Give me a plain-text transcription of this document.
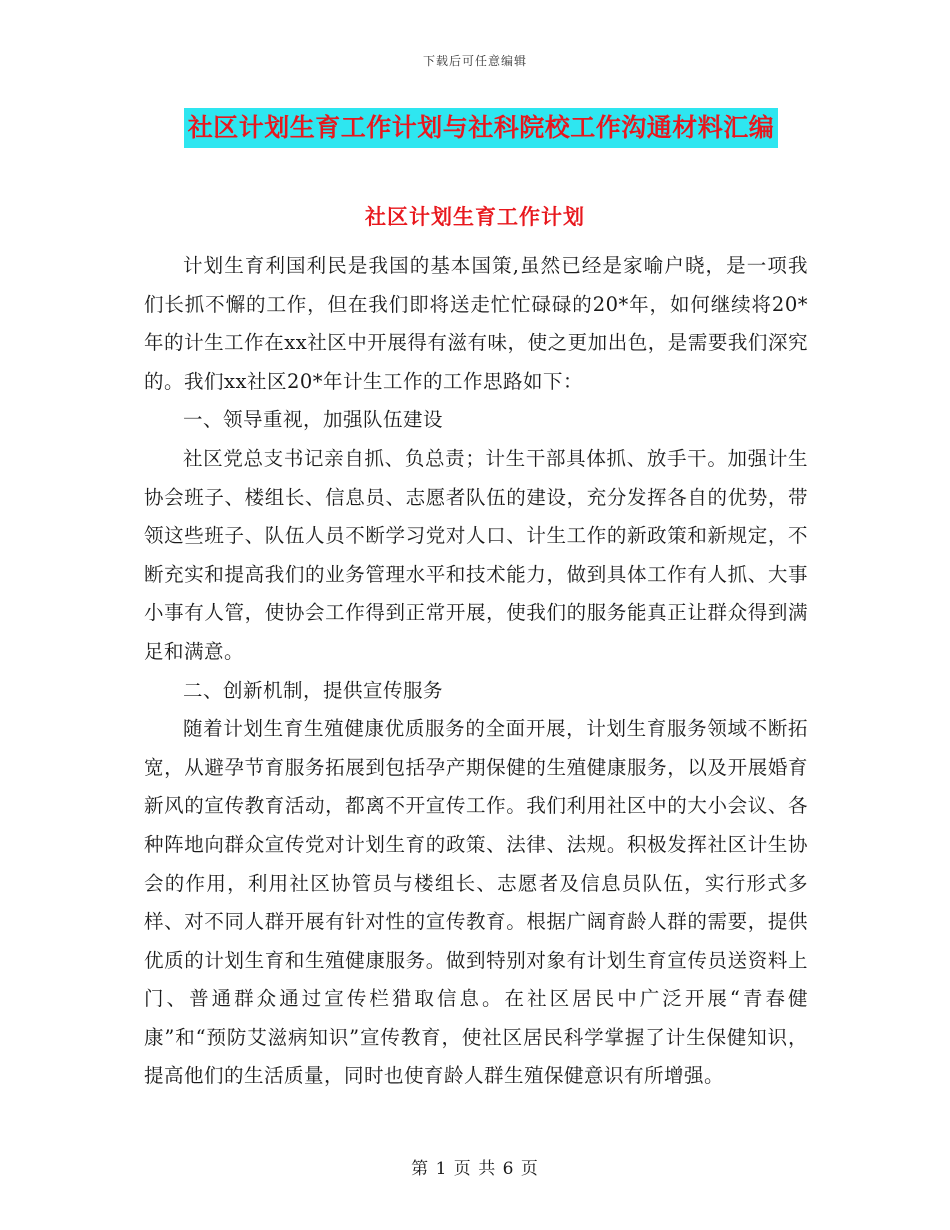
下载后可任意编辑
社区计划生育工作计划与社科院校工作沟通材料汇编
社区计划生育工作计划

计划生育利国利民是我国的基本国策,虽然已经是家喻户晓，是一项我们长抓不懈的工作，但在我们即将送走忙忙碌碌的20*年，如何继续将20*年的计生工作在xx社区中开展得有滋有味，使之更加出色，是需要我们深究的。我们xx社区20*年计生工作的工作思路如下：

一、领导重视，加强队伍建设

社区党总支书记亲自抓、负总责；计生干部具体抓、放手干。加强计生协会班子、楼组长、信息员、志愿者队伍的建设，充分发挥各自的优势，带领这些班子、队伍人员不断学习党对人口、计生工作的新政策和新规定，不断充实和提高我们的业务管理水平和技术能力，做到具体工作有人抓、大事小事有人管，使协会工作得到正常开展，使我们的服务能真正让群众得到满足和满意。

二、创新机制，提供宣传服务

随着计划生育生殖健康优质服务的全面开展，计划生育服务领域不断拓宽，从避孕节育服务拓展到包括孕产期保健的生殖健康服务，以及开展婚育新风的宣传教育活动，都离不开宣传工作。我们利用社区中的大小会议、各种阵地向群众宣传党对计划生育的政策、法律、法规。积极发挥社区计生协会的作用，利用社区协管员与楼组长、志愿者及信息员队伍，实行形式多样、对不同人群开展有针对性的宣传教育。根据广阔育龄人群的需要，提供优质的计划生育和生殖健康服务。做到特别对象有计划生育宣传员送资料上门、普通群众通过宣传栏猎取信息。在社区居民中广泛开展“青春健康”和“预防艾滋病知识”宣传教育，使社区居民科学掌握了计生保健知识，提高他们的生活质量，同时也使育龄人群生殖保健意识有所增强。

第 1 页 共 6 页
